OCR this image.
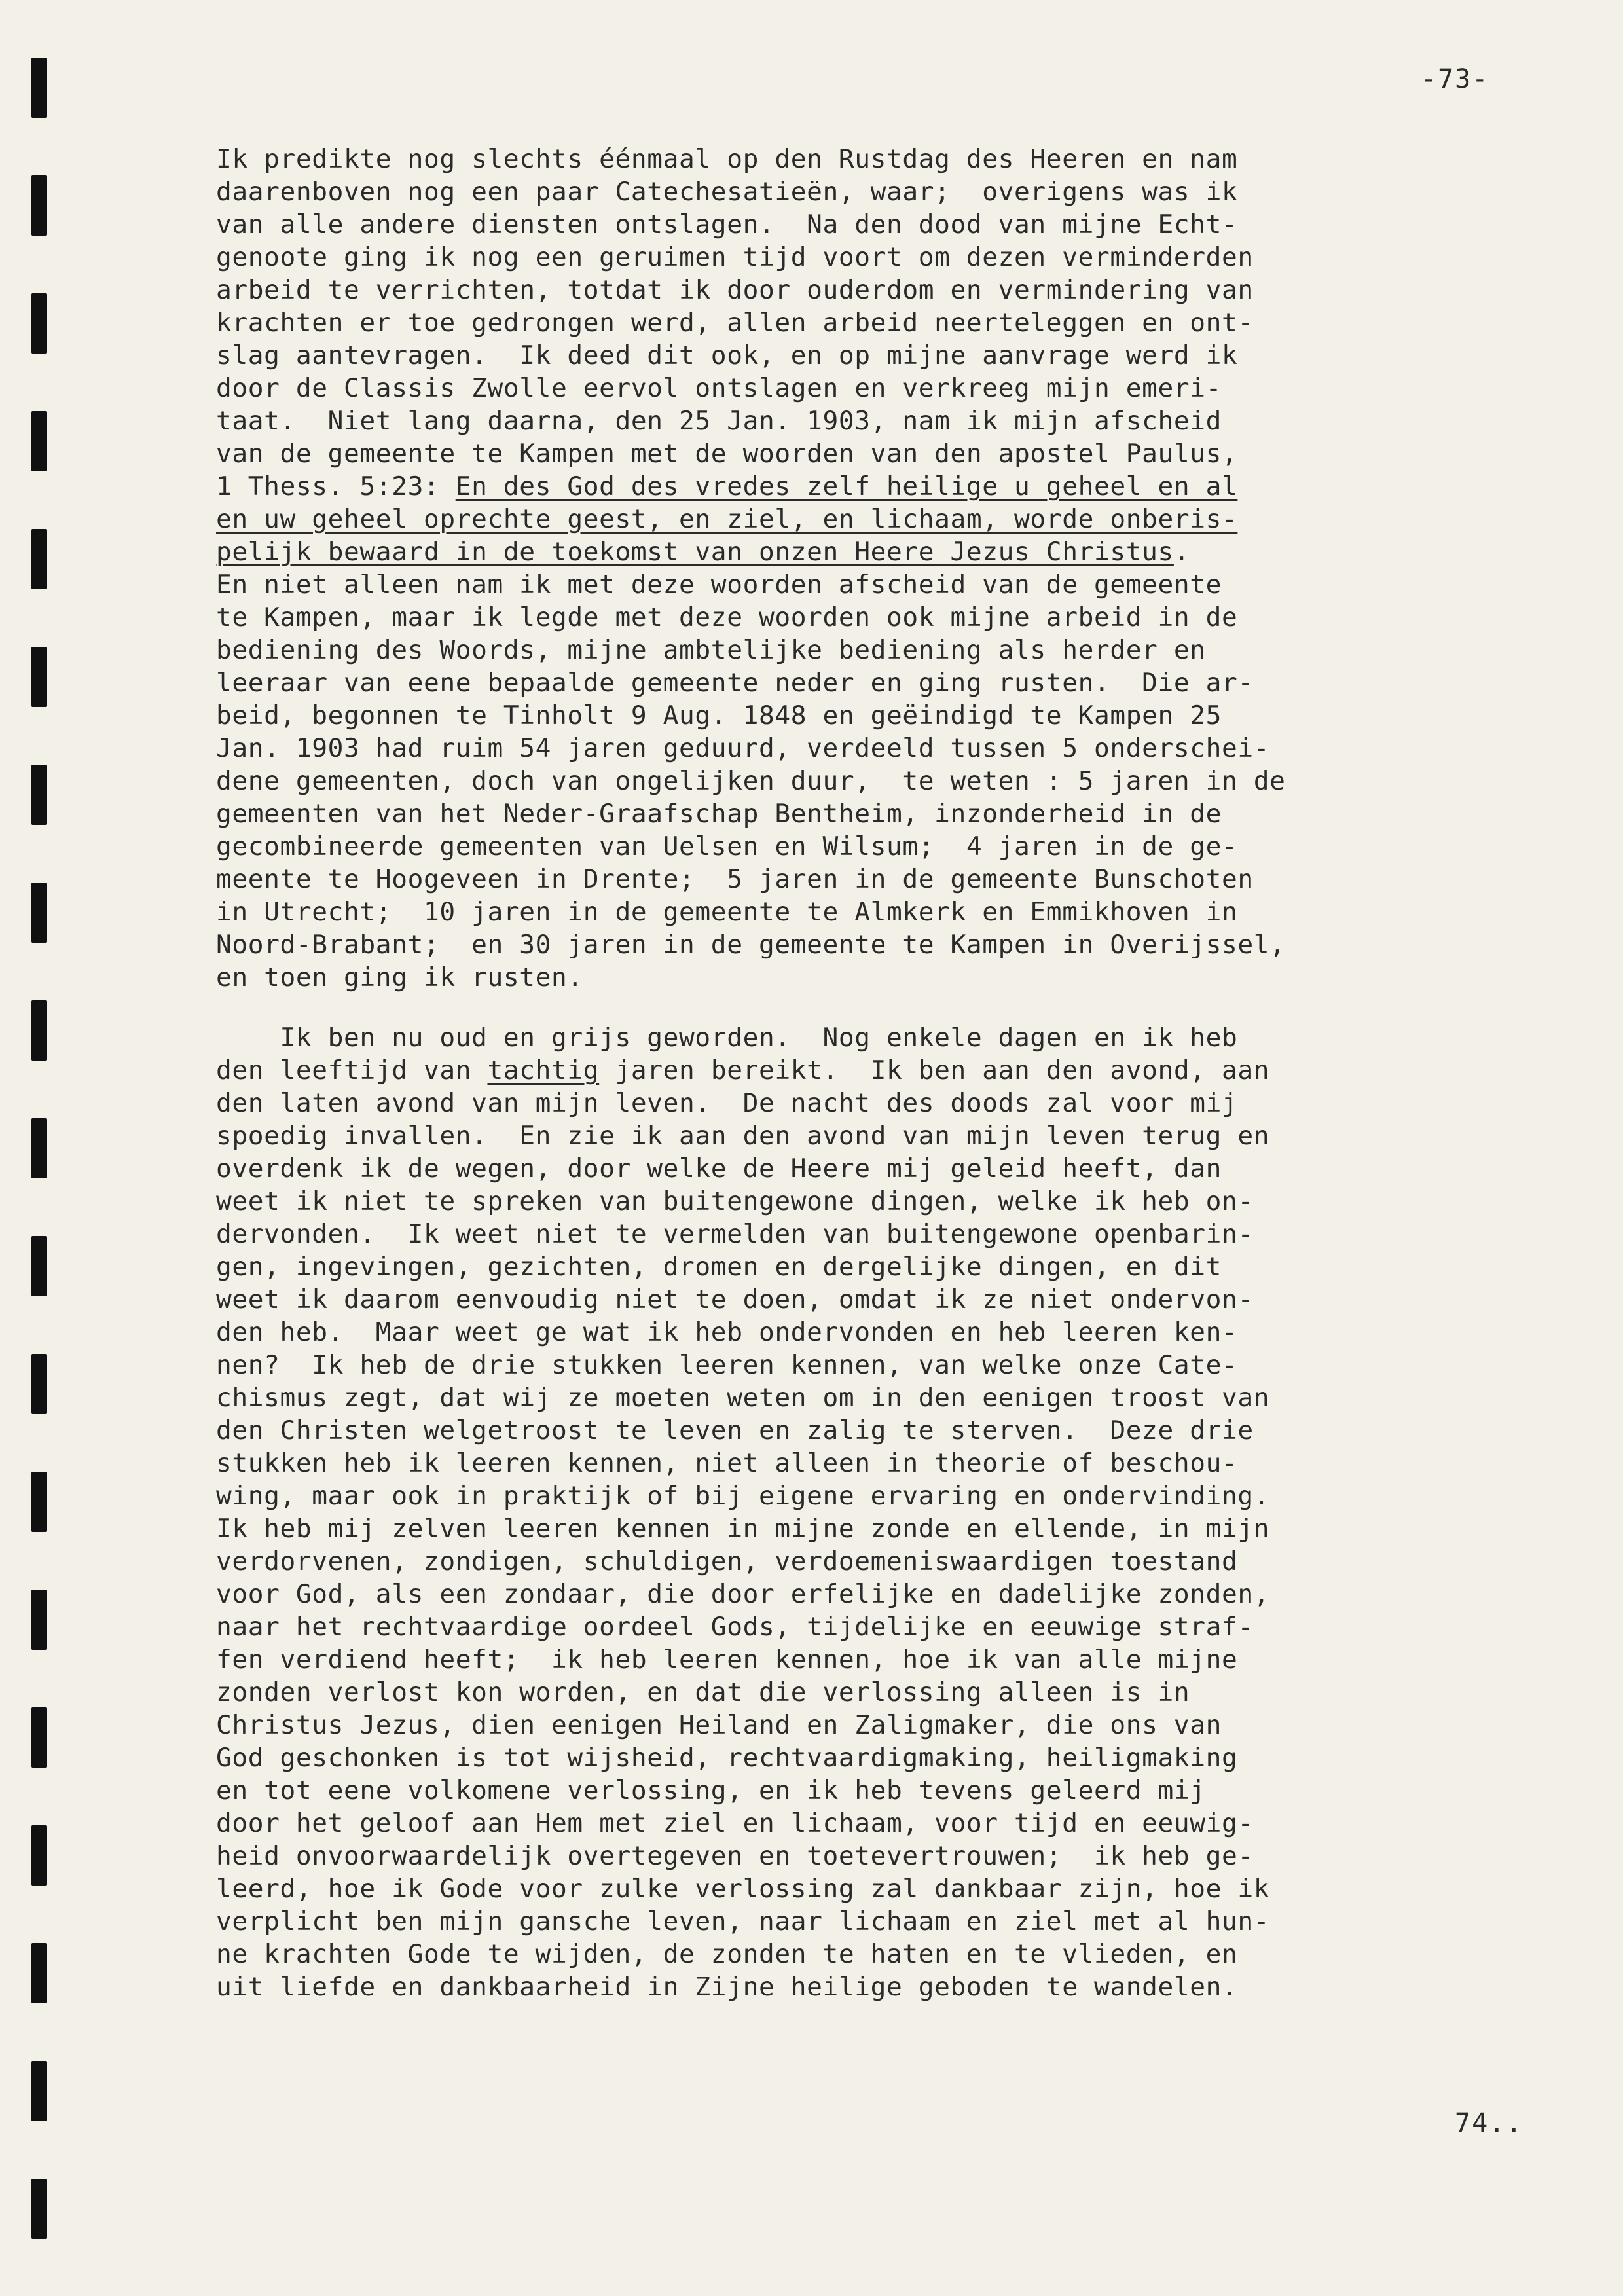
-73-
Ik predikte nog slechts éénmaal op den Rustdag des Heeren en nam
daarenboven nog een paar Catechesatieën, waar;  overigens was ik
van alle andere diensten ontslagen.  Na den dood van mijne Echt-
genoote ging ik nog een geruimen tijd voort om dezen verminderden
arbeid te verrichten, totdat ik door ouderdom en vermindering van
krachten er toe gedrongen werd, allen arbeid neerteleggen en ont-
slag aantevragen.  Ik deed dit ook, en op mijne aanvrage werd ik
door de Classis Zwolle eervol ontslagen en verkreeg mijn emeri-
taat.  Niet lang daarna, den 25 Jan. 1903, nam ik mijn afscheid
van de gemeente te Kampen met de woorden van den apostel Paulus,
1 Thess. 5:23: En des God des vredes zelf heilige u geheel en al
en uw geheel oprechte geest, en ziel, en lichaam, worde onberis-
pelijk bewaard in de toekomst van onzen Heere Jezus Christus.
En niet alleen nam ik met deze woorden afscheid van de gemeente
te Kampen, maar ik legde met deze woorden ook mijne arbeid in de
bediening des Woords, mijne ambtelijke bediening als herder en
leeraar van eene bepaalde gemeente neder en ging rusten.  Die ar-
beid, begonnen te Tinholt 9 Aug. 1848 en geëindigd te Kampen 25
Jan. 1903 had ruim 54 jaren geduurd, verdeeld tussen 5 onderschei-
dene gemeenten, doch van ongelijken duur,  te weten : 5 jaren in de
gemeenten van het Neder-Graafschap Bentheim, inzonderheid in de
gecombineerde gemeenten van Uelsen en Wilsum;  4 jaren in de ge-
meente te Hoogeveen in Drente;  5 jaren in de gemeente Bunschoten
in Utrecht;  10 jaren in de gemeente te Almkerk en Emmikhoven in
Noord-Brabant;  en 30 jaren in de gemeente te Kampen in Overijssel,
en toen ging ik rusten.
Ik ben nu oud en grijs geworden.  Nog enkele dagen en ik heb
den leeftijd van tachtig jaren bereikt.  Ik ben aan den avond, aan
den laten avond van mijn leven.  De nacht des doods zal voor mij
spoedig invallen.  En zie ik aan den avond van mijn leven terug en
overdenk ik de wegen, door welke de Heere mij geleid heeft, dan
weet ik niet te spreken van buitengewone dingen, welke ik heb on-
dervonden.  Ik weet niet te vermelden van buitengewone openbarin-
gen, ingevingen, gezichten, dromen en dergelijke dingen, en dit
weet ik daarom eenvoudig niet te doen, omdat ik ze niet ondervon-
den heb.  Maar weet ge wat ik heb ondervonden en heb leeren ken-
nen?  Ik heb de drie stukken leeren kennen, van welke onze Cate-
chismus zegt, dat wij ze moeten weten om in den eenigen troost van
den Christen welgetroost te leven en zalig te sterven.  Deze drie
stukken heb ik leeren kennen, niet alleen in theorie of beschou-
wing, maar ook in praktijk of bij eigene ervaring en ondervinding.
Ik heb mij zelven leeren kennen in mijne zonde en ellende, in mijn
verdorvenen, zondigen, schuldigen, verdoemeniswaardigen toestand
voor God, als een zondaar, die door erfelijke en dadelijke zonden,
naar het rechtvaardige oordeel Gods, tijdelijke en eeuwige straf-
fen verdiend heeft;  ik heb leeren kennen, hoe ik van alle mijne
zonden verlost kon worden, en dat die verlossing alleen is in
Christus Jezus, dien eenigen Heiland en Zaligmaker, die ons van
God geschonken is tot wijsheid, rechtvaardigmaking, heiligmaking
en tot eene volkomene verlossing, en ik heb tevens geleerd mij
door het geloof aan Hem met ziel en lichaam, voor tijd en eeuwig-
heid onvoorwaardelijk overtegeven en toetevertrouwen;  ik heb ge-
leerd, hoe ik Gode voor zulke verlossing zal dankbaar zijn, hoe ik
verplicht ben mijn gansche leven, naar lichaam en ziel met al hun-
ne krachten Gode te wijden, de zonden te haten en te vlieden, en
uit liefde en dankbaarheid in Zijne heilige geboden te wandelen.
74..
